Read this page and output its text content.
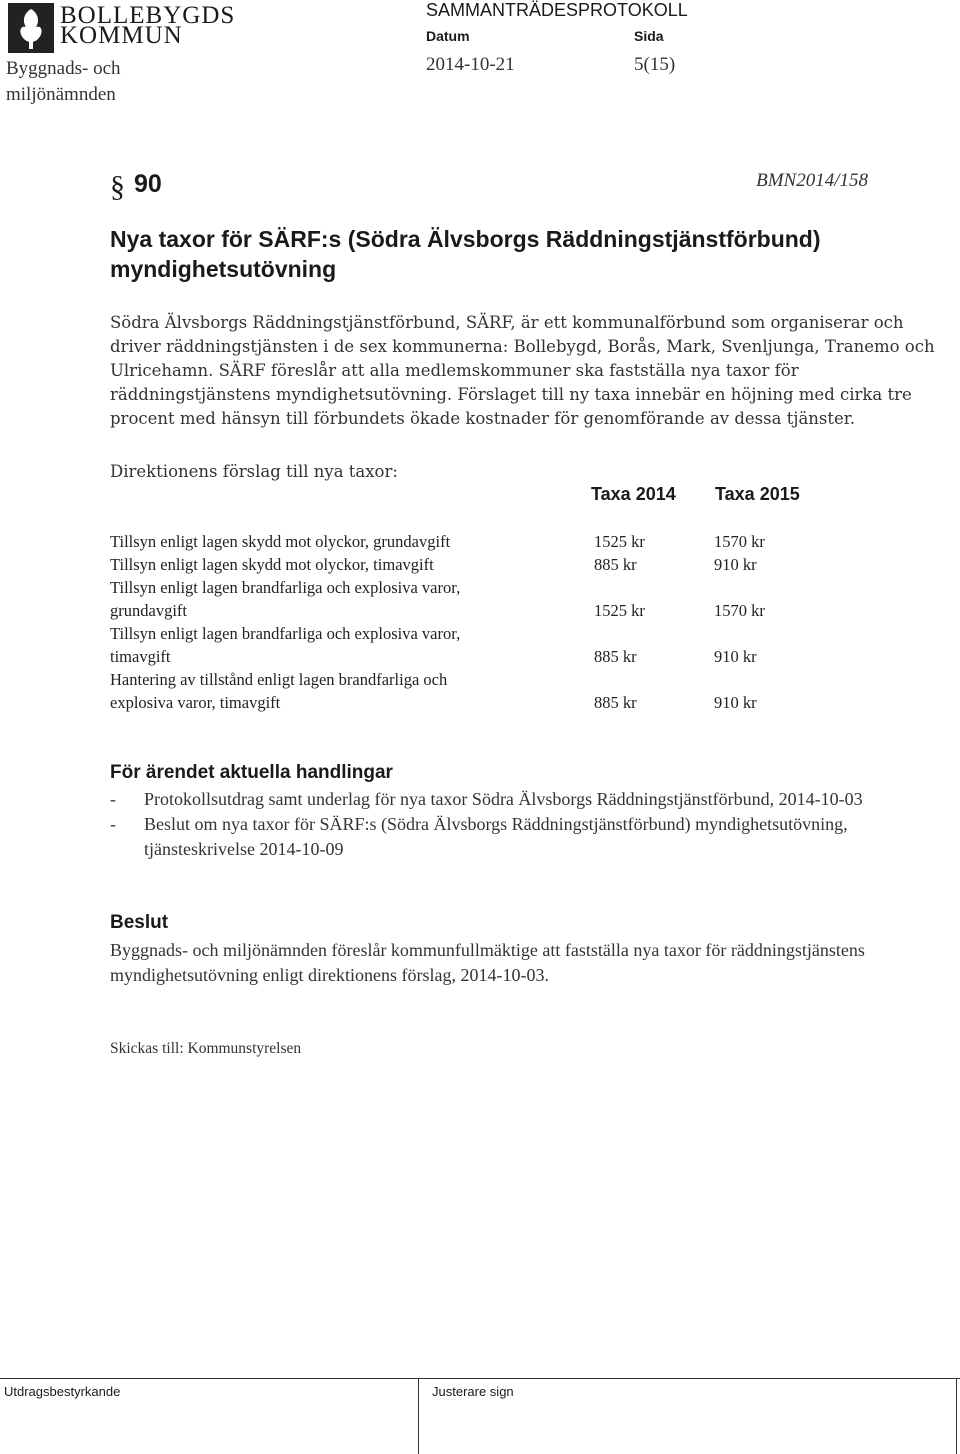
BOLLEBYGDS
KOMMUN
Byggnads- och
miljönämnden
SAMMANTRÄDESPROTOKOLL
Datum	Sida
2014-10-21	5(15)
§ 90	BMN2014/158
Nya taxor för SÄRF:s (Södra Älvsborgs Räddningstjänstförbund) myndighetsutövning
Södra Älvsborgs Räddningstjänstförbund, SÄRF, är ett kommunalförbund som organiserar och driver räddningstjänsten i de sex kommunerna: Bollebygd, Borås, Mark, Svenljunga, Tranemo och Ulricehamn. SÄRF föreslår att alla medlemskommuner ska fastställa nya taxor för räddningstjänstens myndighetsutövning. Förslaget till ny taxa innebär en höjning med cirka tre procent med hänsyn till förbundets ökade kostnader för genomförande av dessa tjänster.
Direktionens förslag till nya taxor:
Taxa 2014 Taxa 2015
Tillsyn enligt lagen skydd mot olyckor, grundavgift	1525 kr	1570 kr
Tillsyn enligt lagen skydd mot olyckor, timavgift	885 kr	910 kr
Tillsyn enligt lagen brandfarliga och explosiva varor,		
grundavgift	1525 kr	1570 kr
Tillsyn enligt lagen brandfarliga och explosiva varor,		
timavgift	885 kr	910 kr
Hantering av tillstånd enligt lagen brandfarliga och		
explosiva varor, timavgift	885 kr	910 kr
För ärendet aktuella handlingar
-	Protokollsutdrag samt underlag för nya taxor Södra Älvsborgs Räddningstjänstförbund, 2014-10-03
-	Beslut om nya taxor för SÄRF:s (Södra Älvsborgs Räddningstjänstförbund) myndighetsutövning, tjänsteskrivelse 2014-10-09
Beslut
Byggnads- och miljönämnden föreslår kommunfullmäktige att fastställa nya taxor för räddningstjänstens myndighetsutövning enligt direktionens förslag, 2014-10-03.
Skickas till: Kommunstyrelsen
Utdragsbestyrkande	Justerare sign
